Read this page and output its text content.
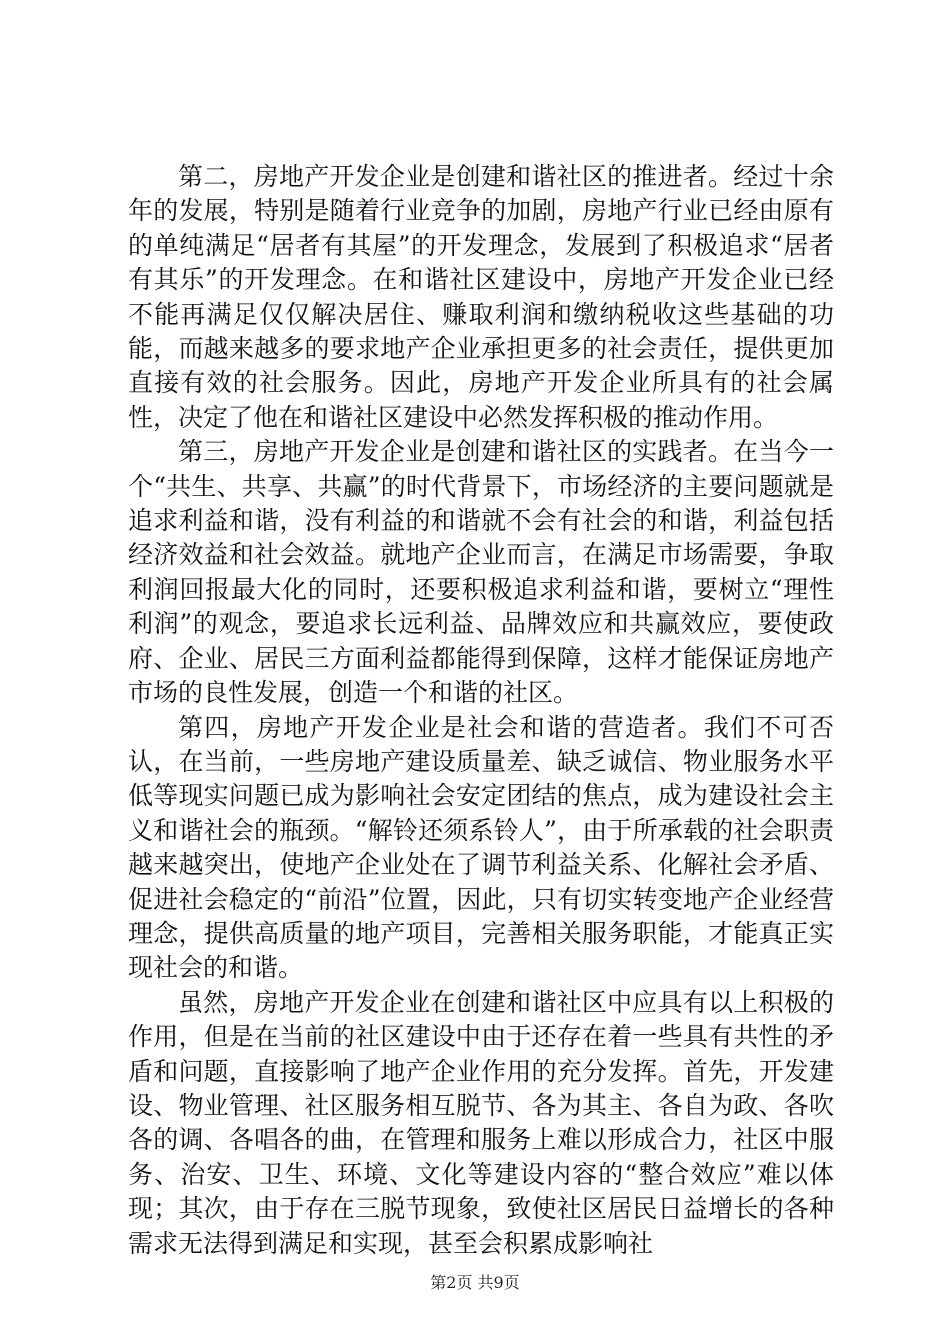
第二，房地产开发企业是创建和谐社区的推进者。经过十余年的发展，特别是随着行业竞争的加剧，房地产行业已经由原有的单纯满足“居者有其屋”的开发理念，发展到了积极追求“居者有其乐”的开发理念。在和谐社区建设中，房地产开发企业已经不能再满足仅仅解决居住、赚取利润和缴纳税收这些基础的功能，而越来越多的要求地产企业承担更多的社会责任，提供更加直接有效的社会服务。因此，房地产开发企业所具有的社会属性，决定了他在和谐社区建设中必然发挥积极的推动作用。

第三，房地产开发企业是创建和谐社区的实践者。在当今一个“共生、共享、共赢”的时代背景下，市场经济的主要问题就是追求利益和谐，没有利益的和谐就不会有社会的和谐，利益包括经济效益和社会效益。就地产企业而言，在满足市场需要，争取利润回报最大化的同时，还要积极追求利益和谐，要树立“理性利润”的观念，要追求长远利益、品牌效应和共赢效应，要使政府、企业、居民三方面利益都能得到保障，这样才能保证房地产市场的良性发展，创造一个和谐的社区。

第四，房地产开发企业是社会和谐的营造者。我们不可否认，在当前，一些房地产建设质量差、缺乏诚信、物业服务水平低等现实问题已成为影响社会安定团结的焦点，成为建设社会主义和谐社会的瓶颈。“解铃还须系铃人”，由于所承载的社会职责越来越突出，使地产企业处在了调节利益关系、化解社会矛盾、促进社会稳定的“前沿”位置，因此，只有切实转变地产企业经营理念，提供高质量的地产项目，完善相关服务职能，才能真正实现社会的和谐。

虽然，房地产开发企业在创建和谐社区中应具有以上积极的作用，但是在当前的社区建设中由于还存在着一些具有共性的矛盾和问题，直接影响了地产企业作用的充分发挥。首先，开发建设、物业管理、社区服务相互脱节、各为其主、各自为政、各吹各的调、各唱各的曲，在管理和服务上难以形成合力，社区中服务、治安、卫生、环境、文化等建设内容的“整合效应”难以体现；其次，由于存在三脱节现象，致使社区居民日益增长的各种需求无法得到满足和实现，甚至会积累成影响社

第2页 共9页
